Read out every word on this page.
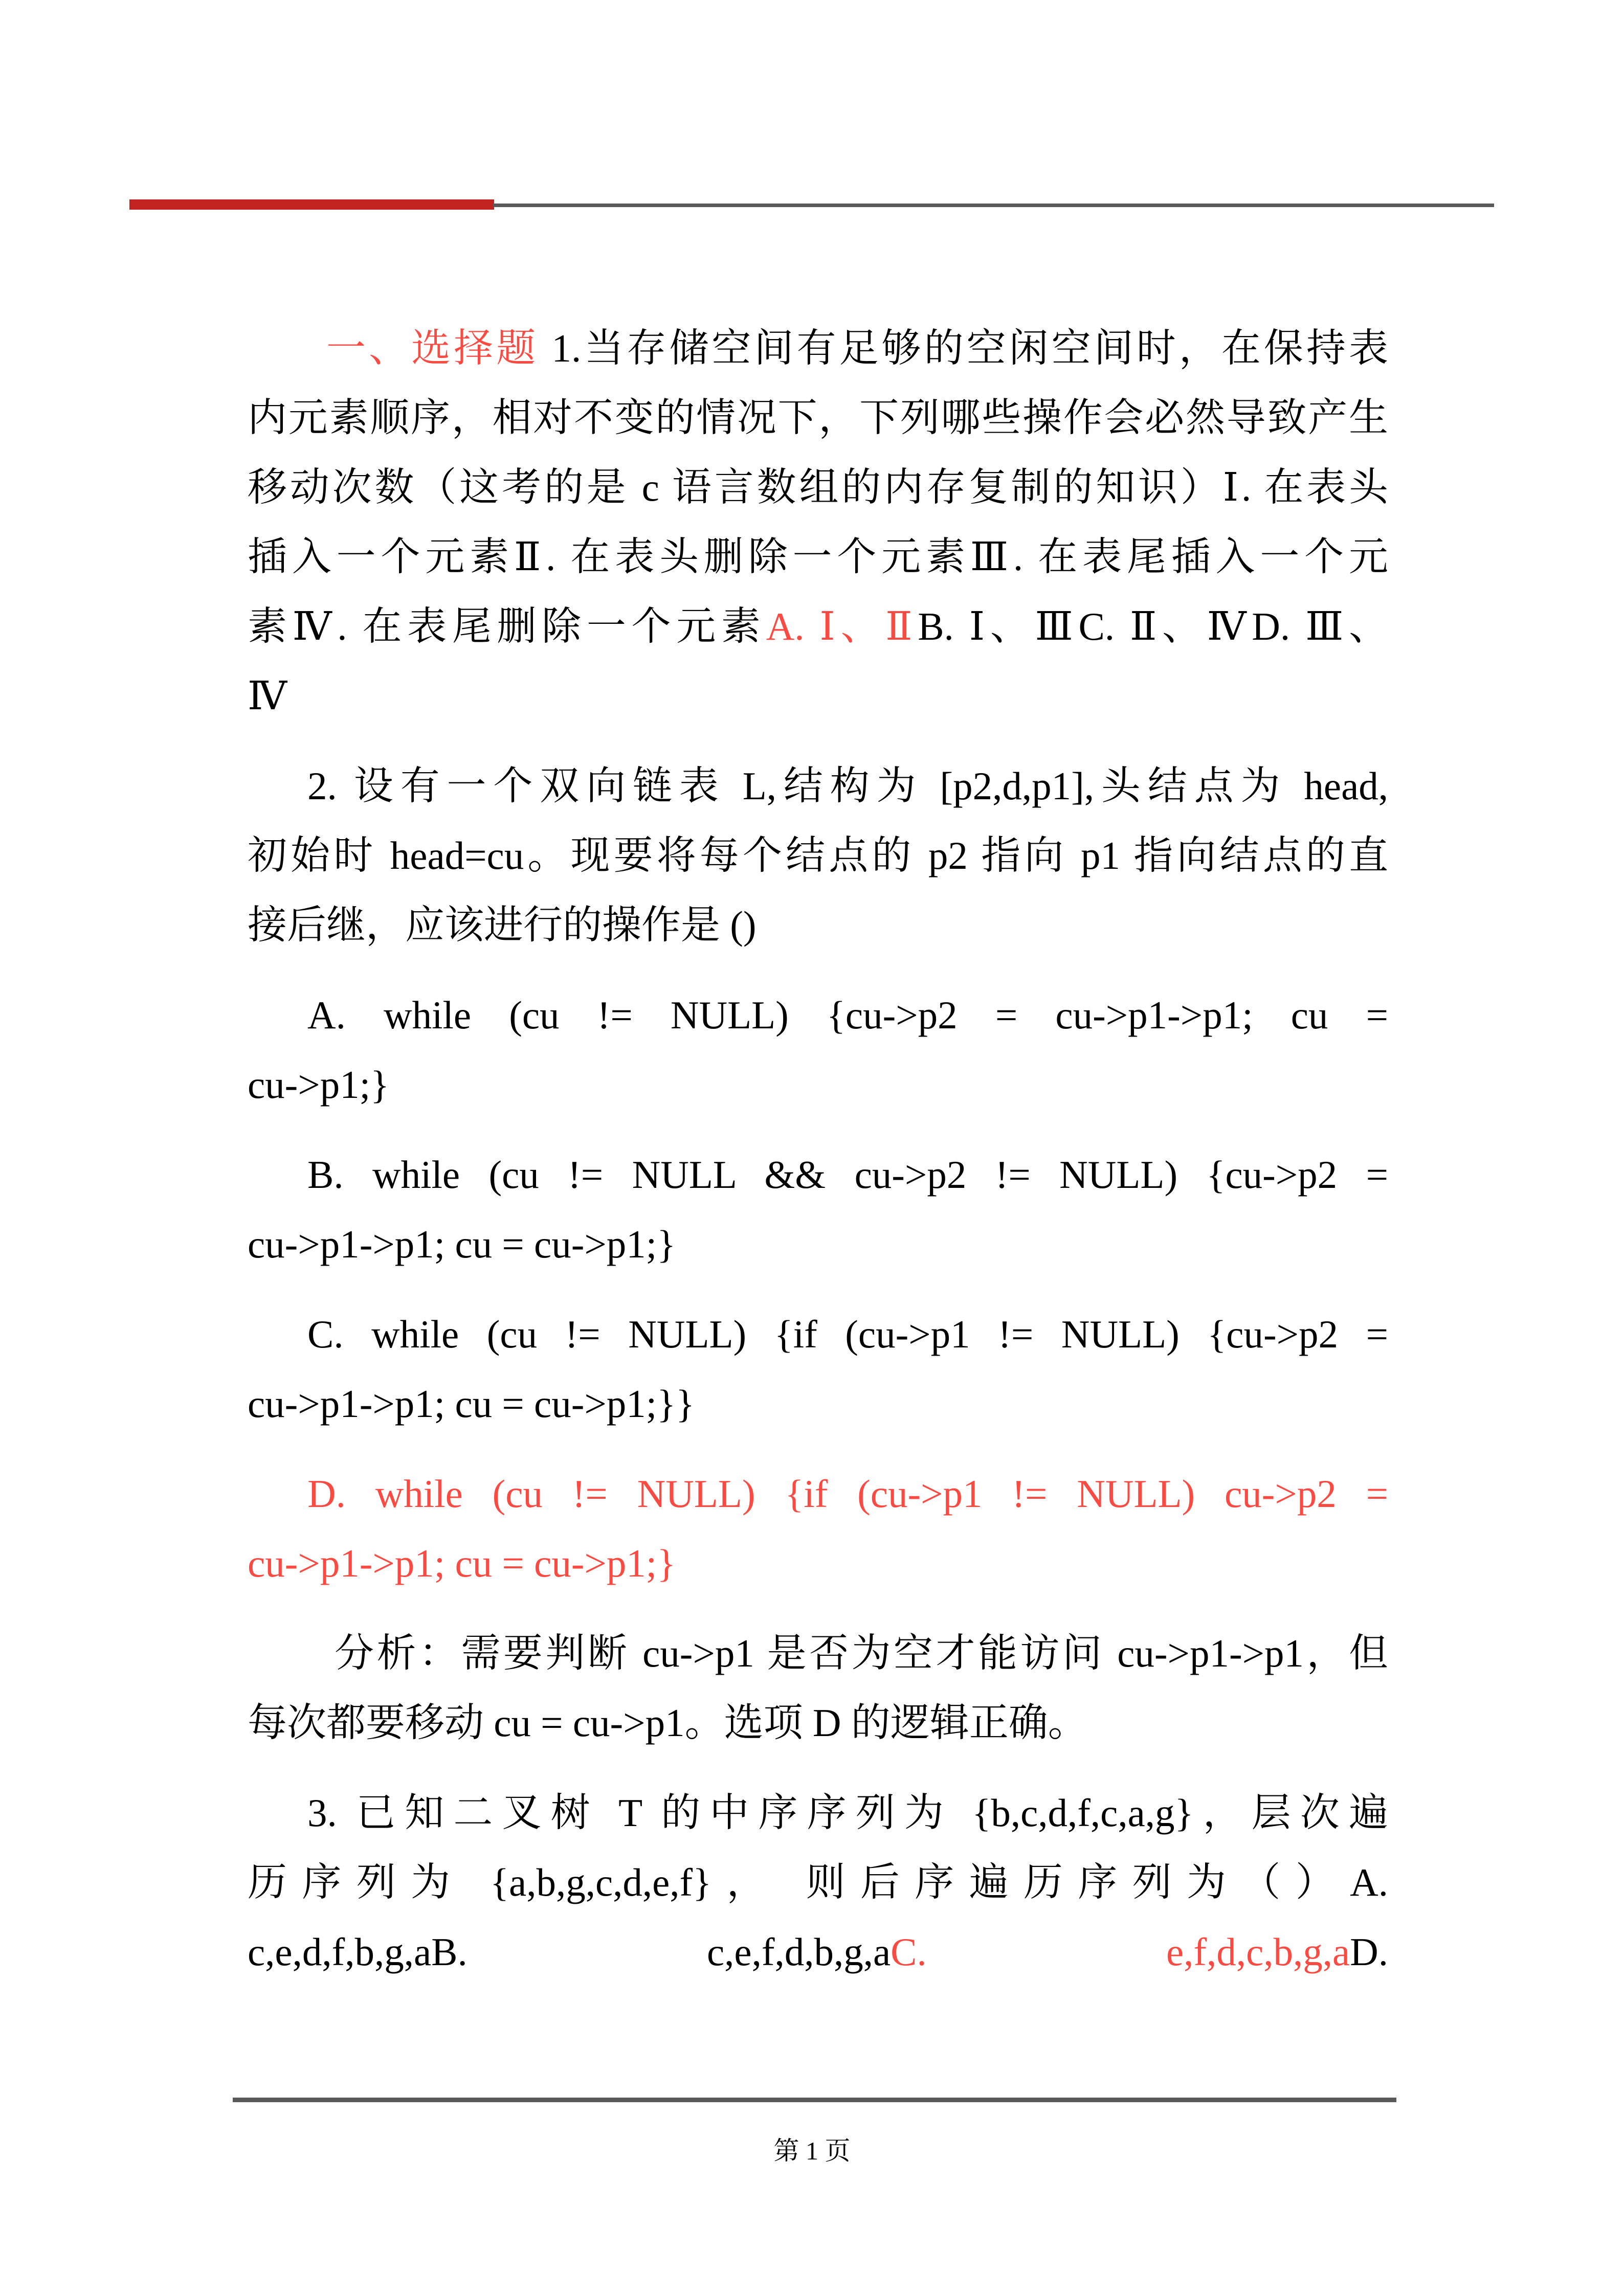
一、选择题 1.当存储空间有足够的空闲空间时，在保持表
内元素顺序，相对不变的情况下，下列哪些操作会必然导致产生
移动次数（这考的是 c 语言数组的内存复制的知识）Ⅰ. 在表头
插入一个元素Ⅱ. 在表头删除一个元素Ⅲ. 在表尾插入一个元
素Ⅳ. 在表尾删除一个元素A. Ⅰ、ⅡB. Ⅰ、ⅢC. Ⅱ、ⅣD. Ⅲ、
Ⅳ
2. 设有一个双向链表 L,结构为 [p2,d,p1],头结点为 head,
初始时 head=cu。现要将每个结点的 p2 指向 p1 指向结点的直
接后继，应该进行的操作是 ()
A. while (cu != NULL) {cu->p2 = cu->p1->p1; cu =
cu->p1;}
B. while (cu != NULL && cu->p2 != NULL) {cu->p2 =
cu->p1->p1; cu = cu->p1;}
C. while (cu != NULL) {if (cu->p1 != NULL) {cu->p2 =
cu->p1->p1; cu = cu->p1;}}
D. while (cu != NULL) {if (cu->p1 != NULL) cu->p2 =
cu->p1->p1; cu = cu->p1;}
分析：需要判断 cu->p1 是否为空才能访问 cu->p1->p1，但
每次都要移动 cu = cu->p1。选项 D 的逻辑正确。
3. 已知二叉树 T 的中序序列为 {b,c,d,f,c,a,g}，层次遍
历序列为 {a,b,g,c,d,e,f}， 则后序遍历序列为（）A.
c,e,d,f,b,g,aB.　　c,e,f,d,b,g,aC.　　e,f,d,c,b,g,aD.
第 1 页
